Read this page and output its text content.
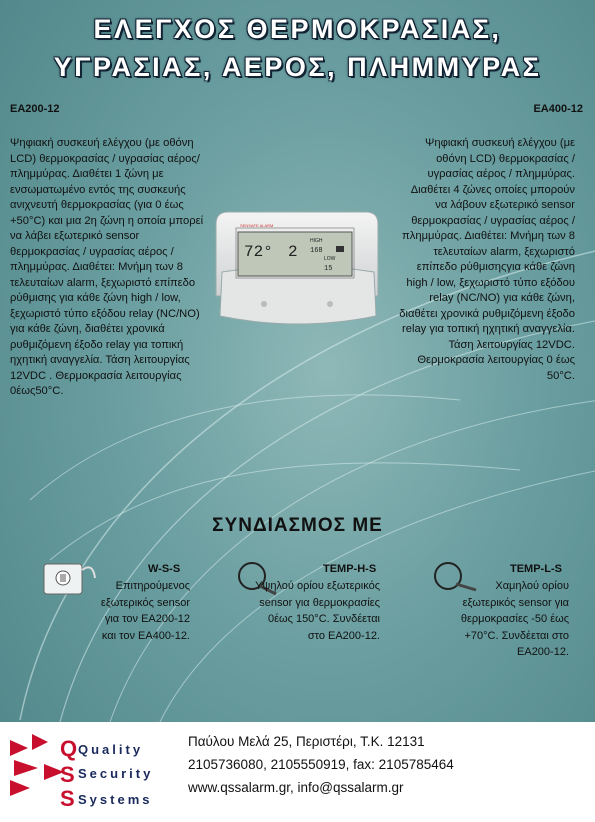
ΕΛΕΓΧΟΣ ΘΕΡΜΟΚΡΑΣΙΑΣ,
ΥΓΡΑΣΙΑΣ, ΑΕΡΟΣ, ΠΛΗΜΜΥΡΑΣ
EA200-12	EA400-12
Ψηφιακή συσκευή ελέγχου (με οθόνη LCD) θερμοκρασίας / υγρασίας αέρος/ πλημμύρας. Διαθέτει 1 ζώνη με ενσωματωμένο εντός της συσκευής ανιχνευτή θερμοκρασίας (για 0 έως +50°C) και μια 2η ζώνη η οποία μπορεί να λάβει εξωτερικό sensor θερμοκρασίας / υγρασίας αέρος / πλημμύρας. Διαθέτει: Μνήμη των 8 τελευταίων alarm, ξεχωριστό επίπεδο ρύθμισης για κάθε ζώνη high / low, ξεχωριστό τύπο εξόδου relay (NC/NO) για κάθε ζώνη, διαθέτει χρονικά ρυθμιζόμενη έξοδο relay για τοπική ηχητική αναγγελία. Τάση λειτουργίας 12VDC . Θερμοκρασία λειτουργίας 0έως50°C.
Ψηφιακή συσκευή ελέγχου (με οθόνη LCD) θερμοκρασίας / υγρασίας αέρος / πλημμύρας. Διαθέτει 4 ζώνες οποίες μπορούν να λάβουν εξωτερικό sensor θερμοκρασίας / υγρασίας αέρος / πλημμύρας. Διαθέτει: Μνήμη των 8 τελευταίων alarm, ξεχωριστό επίπεδο ρύθμισηςγια κάθε ζώνη high / low, ξεχωριστό τύπο εξόδου relay (NC/NO) για κάθε ζώνη, διαθέτει χρονικά ρυθμιζόμενη έξοδο relay για τοπική ηχητική αναγγελία. Τάση λειτουργίας 12VDC. Θερμοκρασία λειτουργίας 0 έως 50°C.
SENSAFE ALARM
72° 2
HIGH
168
LOW
15
ΣΥΝΔΙΑΣΜΟΣ ΜΕ
W-S-S
Επιτηρούμενος εξωτερικός sensor για τον EA200-12 και τον EA400-12.
TEMP-H-S
Υψηλού ορίου εξωτερικός sensor για θερμοκρασίες 0έως 150°C. Συνδέεται στο EA200-12.
TEMP-L-S
Χαμηλού ορίου εξωτερικός sensor για θερμοκρασίες -50 έως +70°C. Συνδέεται στο EA200-12.
Q
S
S
Quality
Security
Systems
Παύλου Μελά 25, Περιστέρι, Τ.Κ. 12131
2105736080, 2105550919, fax: 2105785464
www.qssalarm.gr, info@qssalarm.gr
